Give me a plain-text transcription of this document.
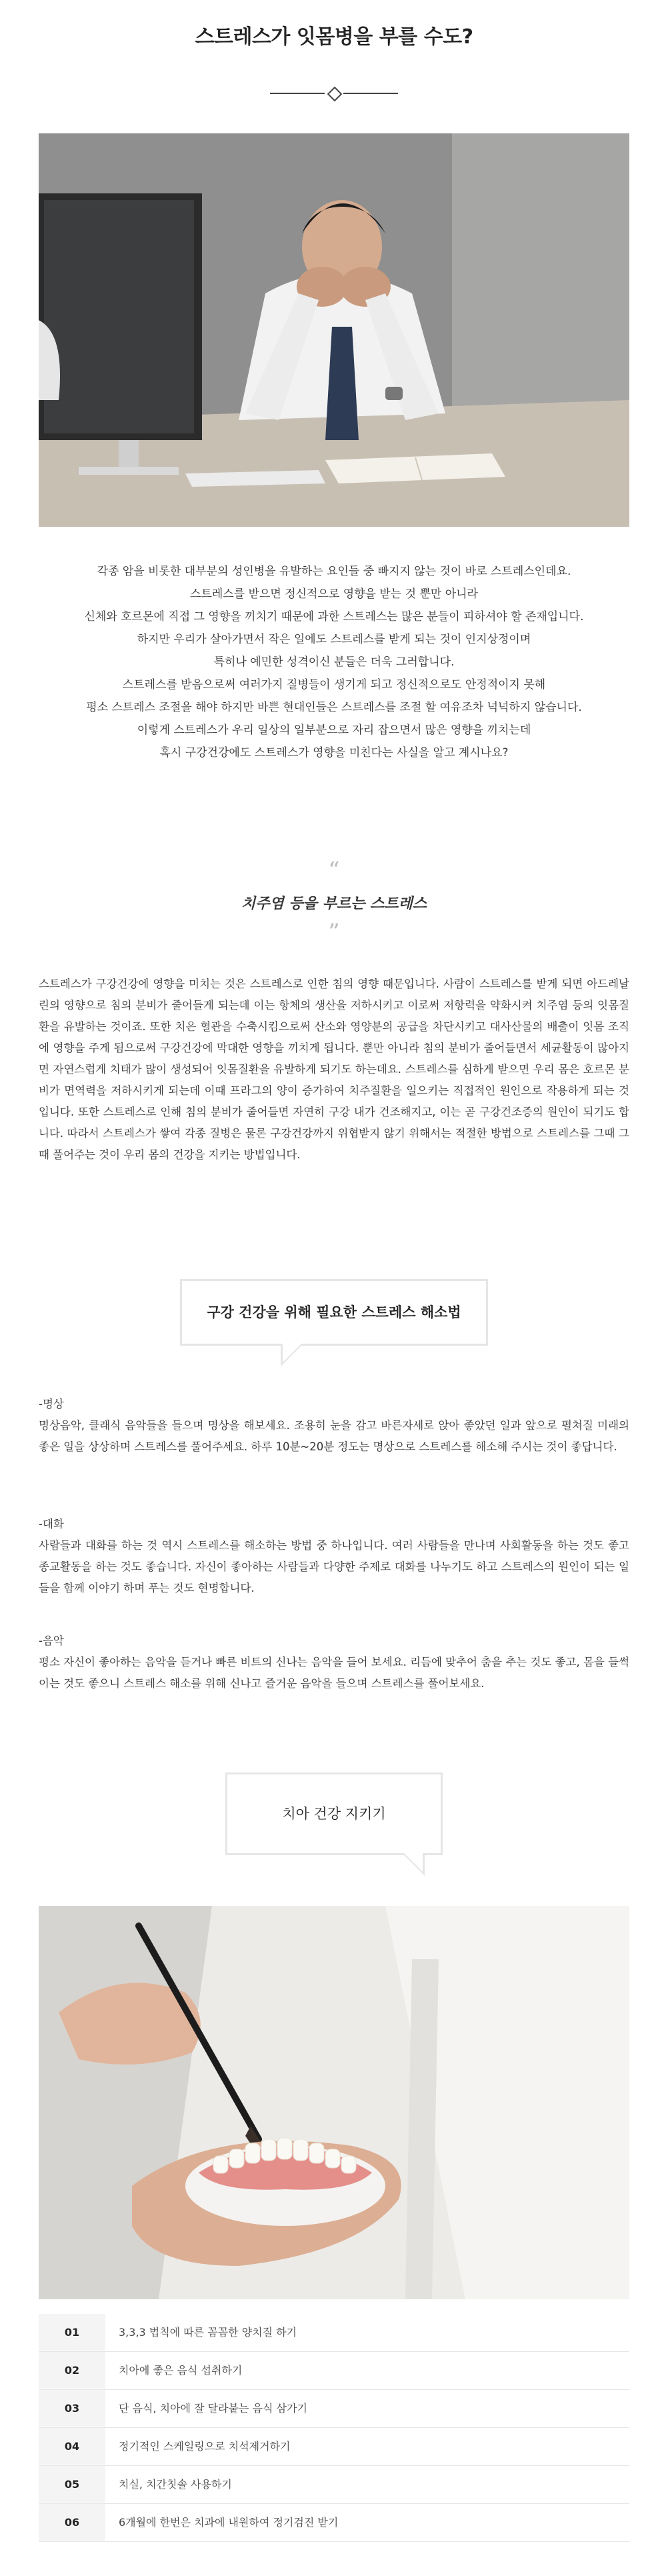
스트레스가 잇몸병을 부를 수도?

각종 암을 비롯한 대부분의 성인병을 유발하는 요인들 중 빠지지 않는 것이 바로 스트레스인데요.

스트레스를 받으면 정신적으로 영향을 받는 것 뿐만 아니라

신체와 호르몬에 직접 그 영향을 끼치기 때문에 과한 스트레스는 많은 분들이 피하셔야 할 존재입니다.

하지만 우리가 살아가면서 작은 일에도 스트레스를 받게 되는 것이 인지상정이며

특히나 예민한 성격이신 분들은 더욱 그러합니다.

스트레스를 받음으로써 여러가지 질병들이 생기게 되고 정신적으로도 안정적이지 못해

평소 스트레스 조절을 해야 하지만 바쁜 현대인들은 스트레스를 조절 할 여유조차 넉넉하지 않습니다.

이렇게 스트레스가 우리 일상의 일부분으로 자리 잡으면서 많은 영향을 끼치는데

혹시 구강건강에도 스트레스가 영향을 미친다는 사실을 알고 계시나요?

“
치주염 등을 부르는 스트레스
”

스트레스가 구강건강에 영향을 미치는 것은 스트레스로 인한 침의 영향 때문입니다. 사람이 스트레스를 받게 되면 아드레날린의 영향으로 침의 분비가 줄어들게 되는데 이는 항체의 생산을 저하시키고 이로써 저항력을 약화시켜 치주염 등의 잇몸질환을 유발하는 것이죠. 또한 치은 혈관을 수축시킴으로써 산소와 영양분의 공급을 차단시키고 대사산물의 배출이 잇몸 조직에 영향을 주게 됨으로써 구강건강에 막대한 영향을 끼치게 됩니다. 뿐만 아니라 침의 분비가 줄어들면서 세균활동이 많아지면 자연스럽게 치태가 많이 생성되어 잇몸질환을 유발하게 되기도 하는데요. 스트레스를 심하게 받으면 우리 몸은 호르몬 분비가 면역력을 저하시키게 되는데 이때 프라그의 양이 증가하여 치주질환을 일으키는 직접적인 원인으로 작용하게 되는 것입니다. 또한 스트레스로 인해 침의 분비가 줄어들면 자연히 구강 내가 건조해지고, 이는 곧 구강건조증의 원인이 되기도 합니다. 따라서 스트레스가 쌓여 각종 질병은 물론 구강건강까지 위협받지 않기 위해서는 적절한 방법으로 스트레스를 그때 그때 풀어주는 것이 우리 몸의 건강을 지키는 방법입니다.

구강 건강을 위해 필요한 스트레스 해소법

-명상

명상음악, 클래식 음악들을 들으며 명상을 해보세요. 조용히 눈을 감고 바른자세로 앉아 좋았던 일과 앞으로 펼쳐질 미래의 좋은 일을 상상하며 스트레스를 풀어주세요. 하루 10분~20분 정도는 명상으로 스트레스를 해소해 주시는 것이 좋답니다.

-대화

사람들과 대화를 하는 것 역시 스트레스를 해소하는 방법 중 하나입니다. 여러 사람들을 만나며 사회활동을 하는 것도 좋고 종교활동을 하는 것도 좋습니다. 자신이 좋아하는 사람들과 다양한 주제로 대화를 나누기도 하고 스트레스의 원인이 되는 일들을 함께 이야기 하며 푸는 것도 현명합니다.

-음악

평소 자신이 좋아하는 음악을 듣거나 빠른 비트의 신나는 음악을 들어 보세요. 리듬에 맞추어 춤을 추는 것도 좋고, 몸을 들썩이는 것도 좋으니 스트레스 해소를 위해 신나고 즐거운 음악을 들으며 스트레스를 풀어보세요.

치아 건강 지키기
01	3,3,3 법칙에 따른 꼼꼼한 양치질 하기
02	치아에 좋은 음식 섭취하기
03	단 음식, 치아에 잘 달라붙는 음식 삼가기
04	정기적인 스케일링으로 치석제거하기
05	치실, 치간칫솔 사용하기
06	6개월에 한번은 치과에 내원하여 정기검진 받기
